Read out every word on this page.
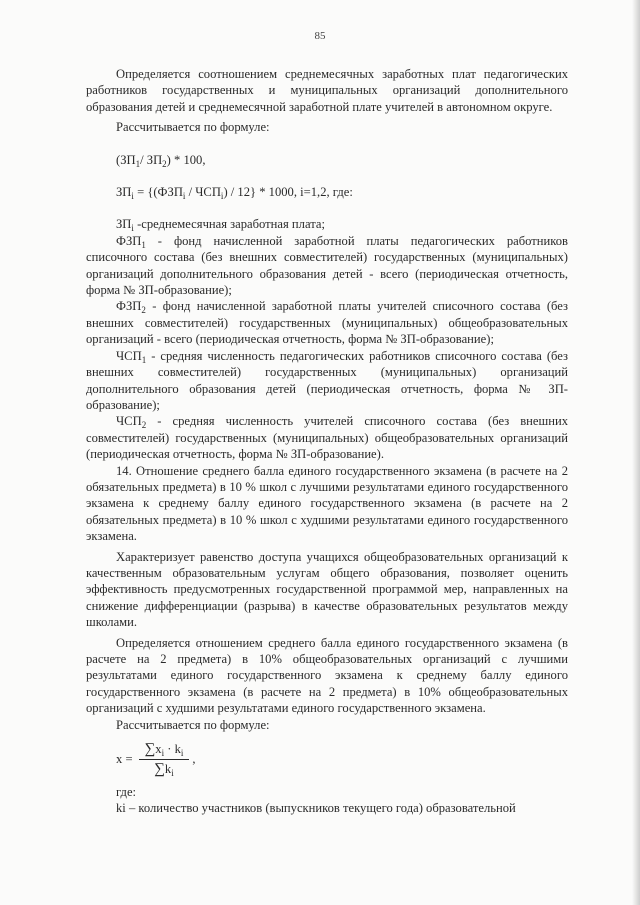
85

Определяется соотношением среднемесячных заработных плат педагогических работников государственных и муниципальных организаций дополнительного образования детей и среднемесячной заработной плате учителей в автономном округе.

Рассчитывается по формуле:

($ЗП_1/$ $ЗП_2) * 100$,

$ЗП_i = \{(ФЗП_i / ЧСП_i) / 12\} * 1000$, i=1,2, где:

$ЗП_i$ -среднемесячная заработная плата;

$ФЗП_1$ - фонд начисленной заработной платы педагогических работников списочного состава (без внешних совместителей) государственных (муниципальных) организаций дополнительного образования детей - всего (периодическая отчетность, форма № ЗП-образование);

$ФЗП_2$ - фонд начисленной заработной платы учителей списочного состава (без внешних совместителей) государственных (муниципальных) общеобразовательных организаций - всего (периодическая отчетность, форма № ЗП-образование);

$ЧСП_1$ - средняя численность педагогических работников списочного состава (без внешних совместителей) государственных (муниципальных) организаций дополнительного образования детей (периодическая отчетность, форма № ЗП-образование);

$ЧСП_2$ - средняя численность учителей списочного состава (без внешних совместителей) государственных (муниципальных) общеобразовательных организаций (периодическая отчетность, форма № ЗП-образование).

14. Отношение среднего балла единого государственного экзамена (в расчете на 2 обязательных предмета) в 10 % школ с лучшими результатами единого государственного экзамена к среднему баллу единого государственного экзамена (в расчете на 2 обязательных предмета) в 10 % школ с худшими результатами единого государственного экзамена.

Характеризует равенство доступа учащихся общеобразовательных организаций к качественным образовательным услугам общего образования, позволяет оценить эффективность предусмотренных государственной программой мер, направленных на снижение дифференциации (разрыва) в качестве образовательных результатов между школами.

Определяется отношением среднего балла единого государственного экзамена (в расчете на 2 предмета) в 10% общеобразовательных организаций с лучшими результатами единого государственного экзамена к среднему баллу единого государственного экзамена (в расчете на 2 предмета) в 10% общеобразовательных организаций с худшими результатами единого государственного экзамена.

Рассчитывается по формуле:

$x = \frac{\sum x_i \cdot k_i}{\sum k_i}$ ,

где:

ki – количество участников (выпускников текущего года) образовательной
